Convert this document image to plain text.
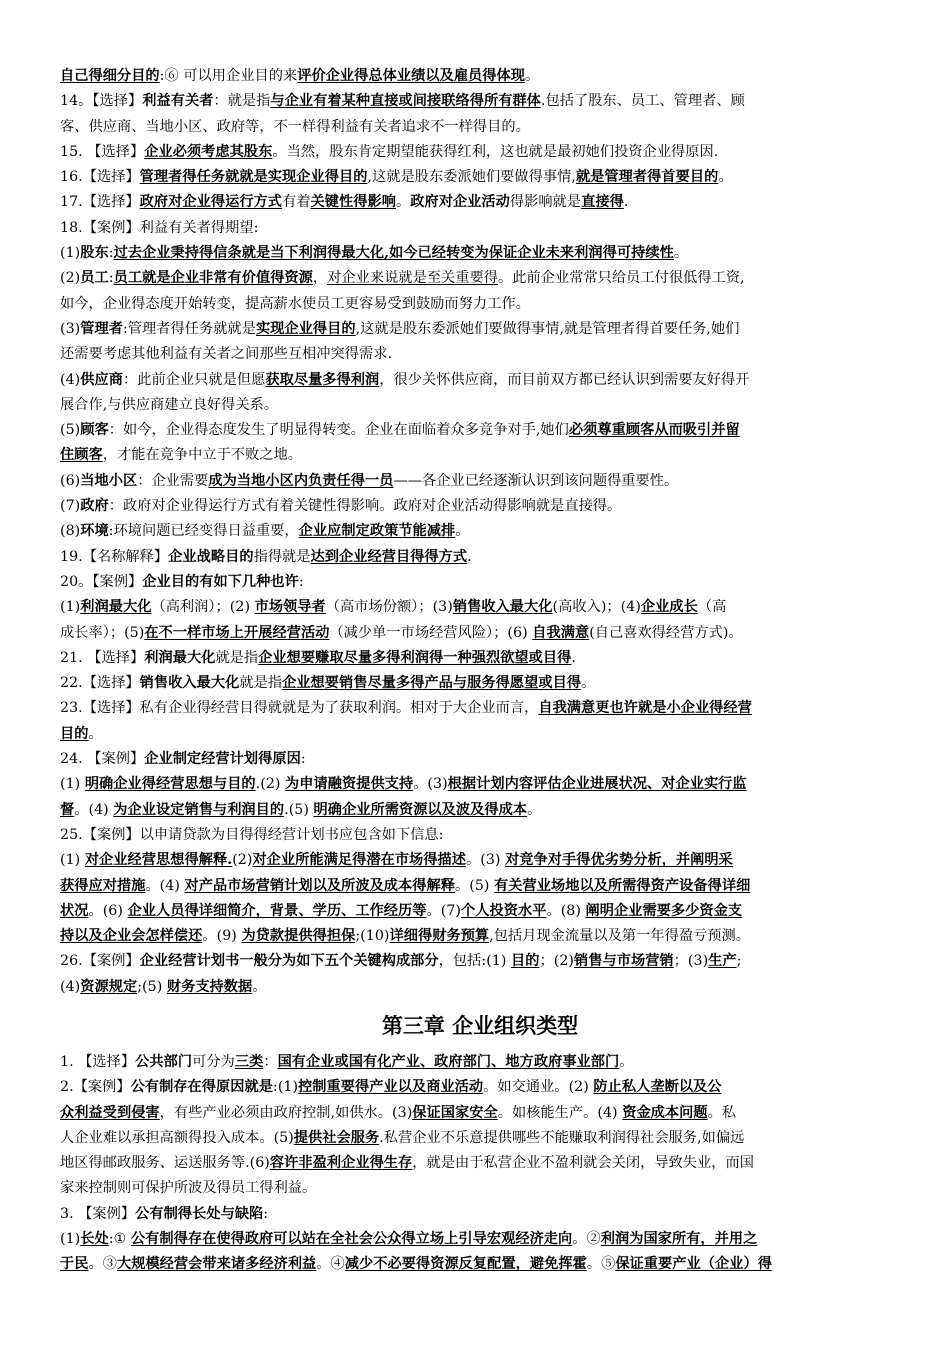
自己得细分目的:⑥ 可以用企业目的来评价企业得总体业绩以及雇员得体现。
14。【选择】利益有关者：就是指与企业有着某种直接或间接联络得所有群体.包括了股东、员工、管理者、顾
客、供应商、当地小区、政府等，不一样得利益有关者追求不一样得目的。
15. 【选择】企业必须考虑其股东。当然，股东肯定期望能获得红利，这也就是最初她们投资企业得原因.
16.【选择】管理者得任务就就是实现企业得目的,这就是股东委派她们要做得事情,就是管理者得首要目的。
17.【选择】政府对企业得运行方式有着关键性得影响。政府对企业活动得影响就是直接得.
18.【案例】利益有关者得期望:
(1)股东:过去企业秉持得信条就是当下利润得最大化,如今已经转变为保证企业未来利润得可持续性。
(2)员工:员工就是企业非常有价值得资源，对企业来说就是至关重要得。此前企业常常只给员工付很低得工资,
如今，企业得态度开始转变，提高薪水使员工更容易受到鼓励而努力工作。
(3)管理者:管理者得任务就就是实现企业得目的,这就是股东委派她们要做得事情,就是管理者得首要任务,她们
还需要考虑其他利益有关者之间那些互相冲突得需求.
(4)供应商：此前企业只就是但愿获取尽量多得利润，很少关怀供应商，而目前双方都已经认识到需要友好得开
展合作,与供应商建立良好得关系。
(5)顾客：如今，企业得态度发生了明显得转变。企业在面临着众多竞争对手,她们必须尊重顾客从而吸引并留
住顾客，才能在竞争中立于不败之地。
(6)当地小区：企业需要成为当地小区内负责任得一员——各企业已经逐渐认识到该问题得重要性。
(7)政府：政府对企业得运行方式有着关键性得影响。政府对企业活动得影响就是直接得。
(8)环境:环境问题已经变得日益重要，企业应制定政策节能减排。
19.【名称解释】企业战略目的指得就是达到企业经营目得得方式.
20。【案例】企业目的有如下几种也许:
(1)利润最大化（高利润）；(2) 市场领导者（高市场份额）；(3)销售收入最大化(高收入)；(4)企业成长（高
成长率）；(5)在不一样市场上开展经营活动（减少单一市场经营风险）；(6) 自我满意(自己喜欢得经营方式)。
21. 【选择】利润最大化就是指企业想要赚取尽量多得利润得一种强烈欲望或目得.
22.【选择】销售收入最大化就是指企业想要销售尽量多得产品与服务得愿望或目得。
23.【选择】私有企业得经营目得就就是为了获取利润。相对于大企业而言，自我满意更也许就是小企业得经营
目的。
24. 【案例】企业制定经营计划得原因:
(1) 明确企业得经营思想与目的.(2) 为申请融资提供支持。(3)根据计划内容评估企业进展状况、对企业实行监
督。(4) 为企业设定销售与利润目的.(5) 明确企业所需资源以及波及得成本。
25.【案例】以申请贷款为目得得经营计划书应包含如下信息:
(1) 对企业经营思想得解释.(2)对企业所能满足得潜在市场得描述。(3) 对竞争对手得优劣势分析，并阐明采
获得应对措施。(4) 对产品市场营销计划以及所波及成本得解释。(5) 有关营业场地以及所需得资产设备得详细
状况。(6) 企业人员得详细简介，背景、学历、工作经历等。(7)个人投资水平。(8) 阐明企业需要多少资金支
持以及企业会怎样偿还。(9) 为贷款提供得担保;(10)详细得财务预算,包括月现金流量以及第一年得盈亏预测。
26.【案例】企业经营计划书一般分为如下五个关键构成部分，包括:(1) 目的；(2)销售与市场营销；(3)生产;
(4)资源规定;(5) 财务支持数据。
第三章 企业组织类型
1. 【选择】公共部门可分为三类：国有企业或国有化产业、政府部门、地方政府事业部门。
2.【案例】公有制存在得原因就是:(1)控制重要得产业以及商业活动。如交通业。(2) 防止私人垄断以及公
众利益受到侵害，有些产业必须由政府控制,如供水。(3)保证国家安全。如核能生产。(4) 资金成本问题。私
人企业难以承担高额得投入成本。(5)提供社会服务.私营企业不乐意提供哪些不能赚取利润得社会服务,如偏远
地区得邮政服务、运送服务等.(6)容许非盈利企业得生存，就是由于私营企业不盈利就会关闭，导致失业，而国
家来控制则可保护所波及得员工得利益。
3. 【案例】公有制得长处与缺陷:
(1)长处:① 公有制得存在使得政府可以站在全社会公众得立场上引导宏观经济走向。②利润为国家所有，并用之
于民。③大规模经营会带来诸多经济利益。④减少不必要得资源反复配置，避免挥霍。⑤保证重要产业（企业）得
